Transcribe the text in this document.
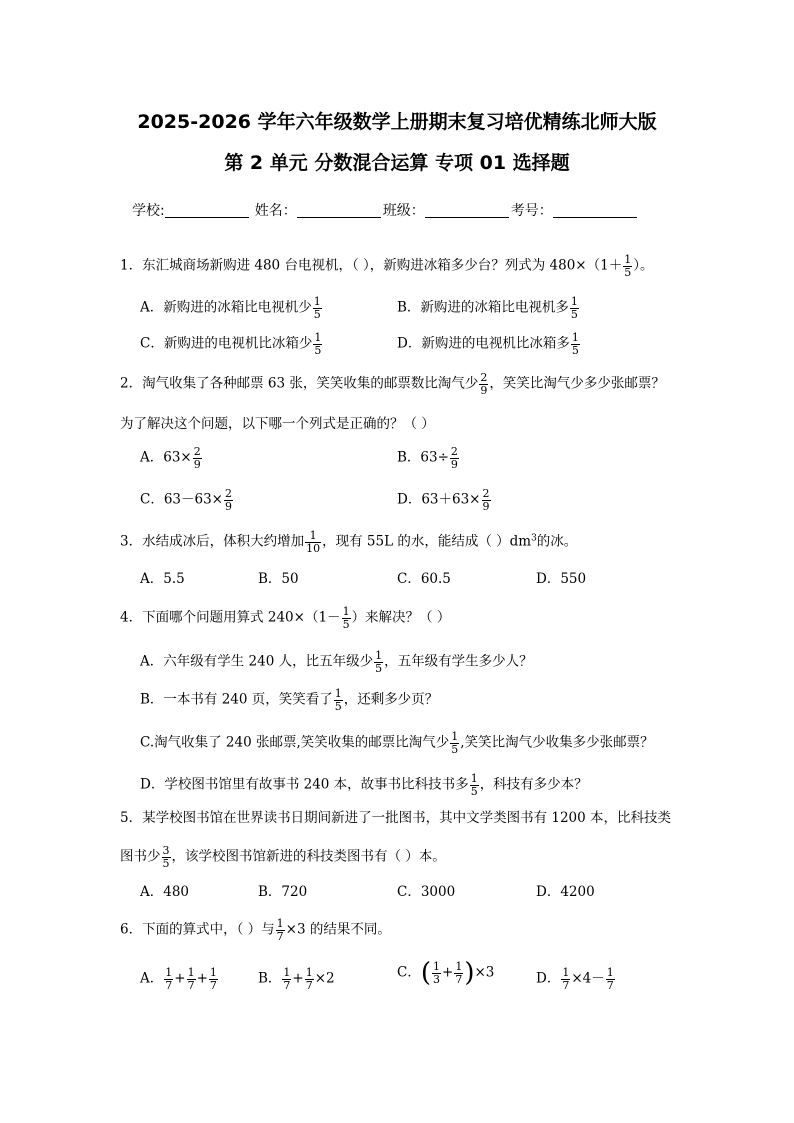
2025-2026 学年六年级数学上册期末复习培优精练北师大版
第 2 单元 分数混合运算 专项 01 选择题
学校:	姓名：	班级：	考号：
1．东汇城商场新购进 480 台电视机，（ ），新购进冰箱多少台？列式为 $480\times(1+ \frac{1}{5}$ ）。
A．新购进的冰箱比电视机少 $\frac{1}{5}$	B．新购进的冰箱比电视机多 $\frac{1}{5}$
C．新购进的电视机比冰箱少 $\frac{1}{5}$	D．新购进的电视机比冰箱多 $\frac{1}{5}$
2．淘气收集了各种邮票 63 张，笑笑收集的邮票数比淘气少 $\frac{2}{9}$ ，笑笑比淘气少多少张邮票？
为了解决这个问题，以下哪一个列式是正确的？（ ）
A．$63\times \frac{2}{9}$	B．$63\div \frac{2}{9}$
C．$63-63\times \frac{2}{9}$	D．$63+63\times \frac{2}{9}$
3．水结成冰后，体积大约增加 $\frac{1}{10}$ ，现有 55L 的水，能结成（ ）$dm^3$的冰。
A．5.5	B．50	C．60.5	D．550
4．下面哪个问题用算式 $240\times(1- \frac{1}{5}$ ）来解决？（ ）
A．六年级有学生 240 人，比五年级少 $\frac{1}{5}$ ，五年级有学生多少人？
B．一本书有 240 页，笑笑看了 $\frac{1}{5}$ ，还剩多少页？
C.淘气收集了 240 张邮票,笑笑收集的邮票比淘气少 $\frac{1}{5}$ ,笑笑比淘气少收集多少张邮票？
D．学校图书馆里有故事书 240 本，故事书比科技书多 $\frac{1}{5}$ ，科技有多少本？
5．某学校图书馆在世界读书日期间新进了一批图书，其中文学类图书有 1200 本，比科技类
图书少 $\frac{3}{5}$ ，该学校图书馆新进的科技类图书有（ ）本。
A．480	B．720	C．3000	D．4200
6．下面的算式中，（ ）与 $\frac{1}{7} \times 3$ 的结果不同。
A． $\frac{1}{7} + \frac{1}{7} + \frac{1}{7}$	B． $\frac{1}{7} + \frac{1}{7} \times 2$	C．( $\frac{1}{3} + \frac{1}{7} )\times 3$	D． $\frac{1}{7} \times 4- \frac{1}{7}$
